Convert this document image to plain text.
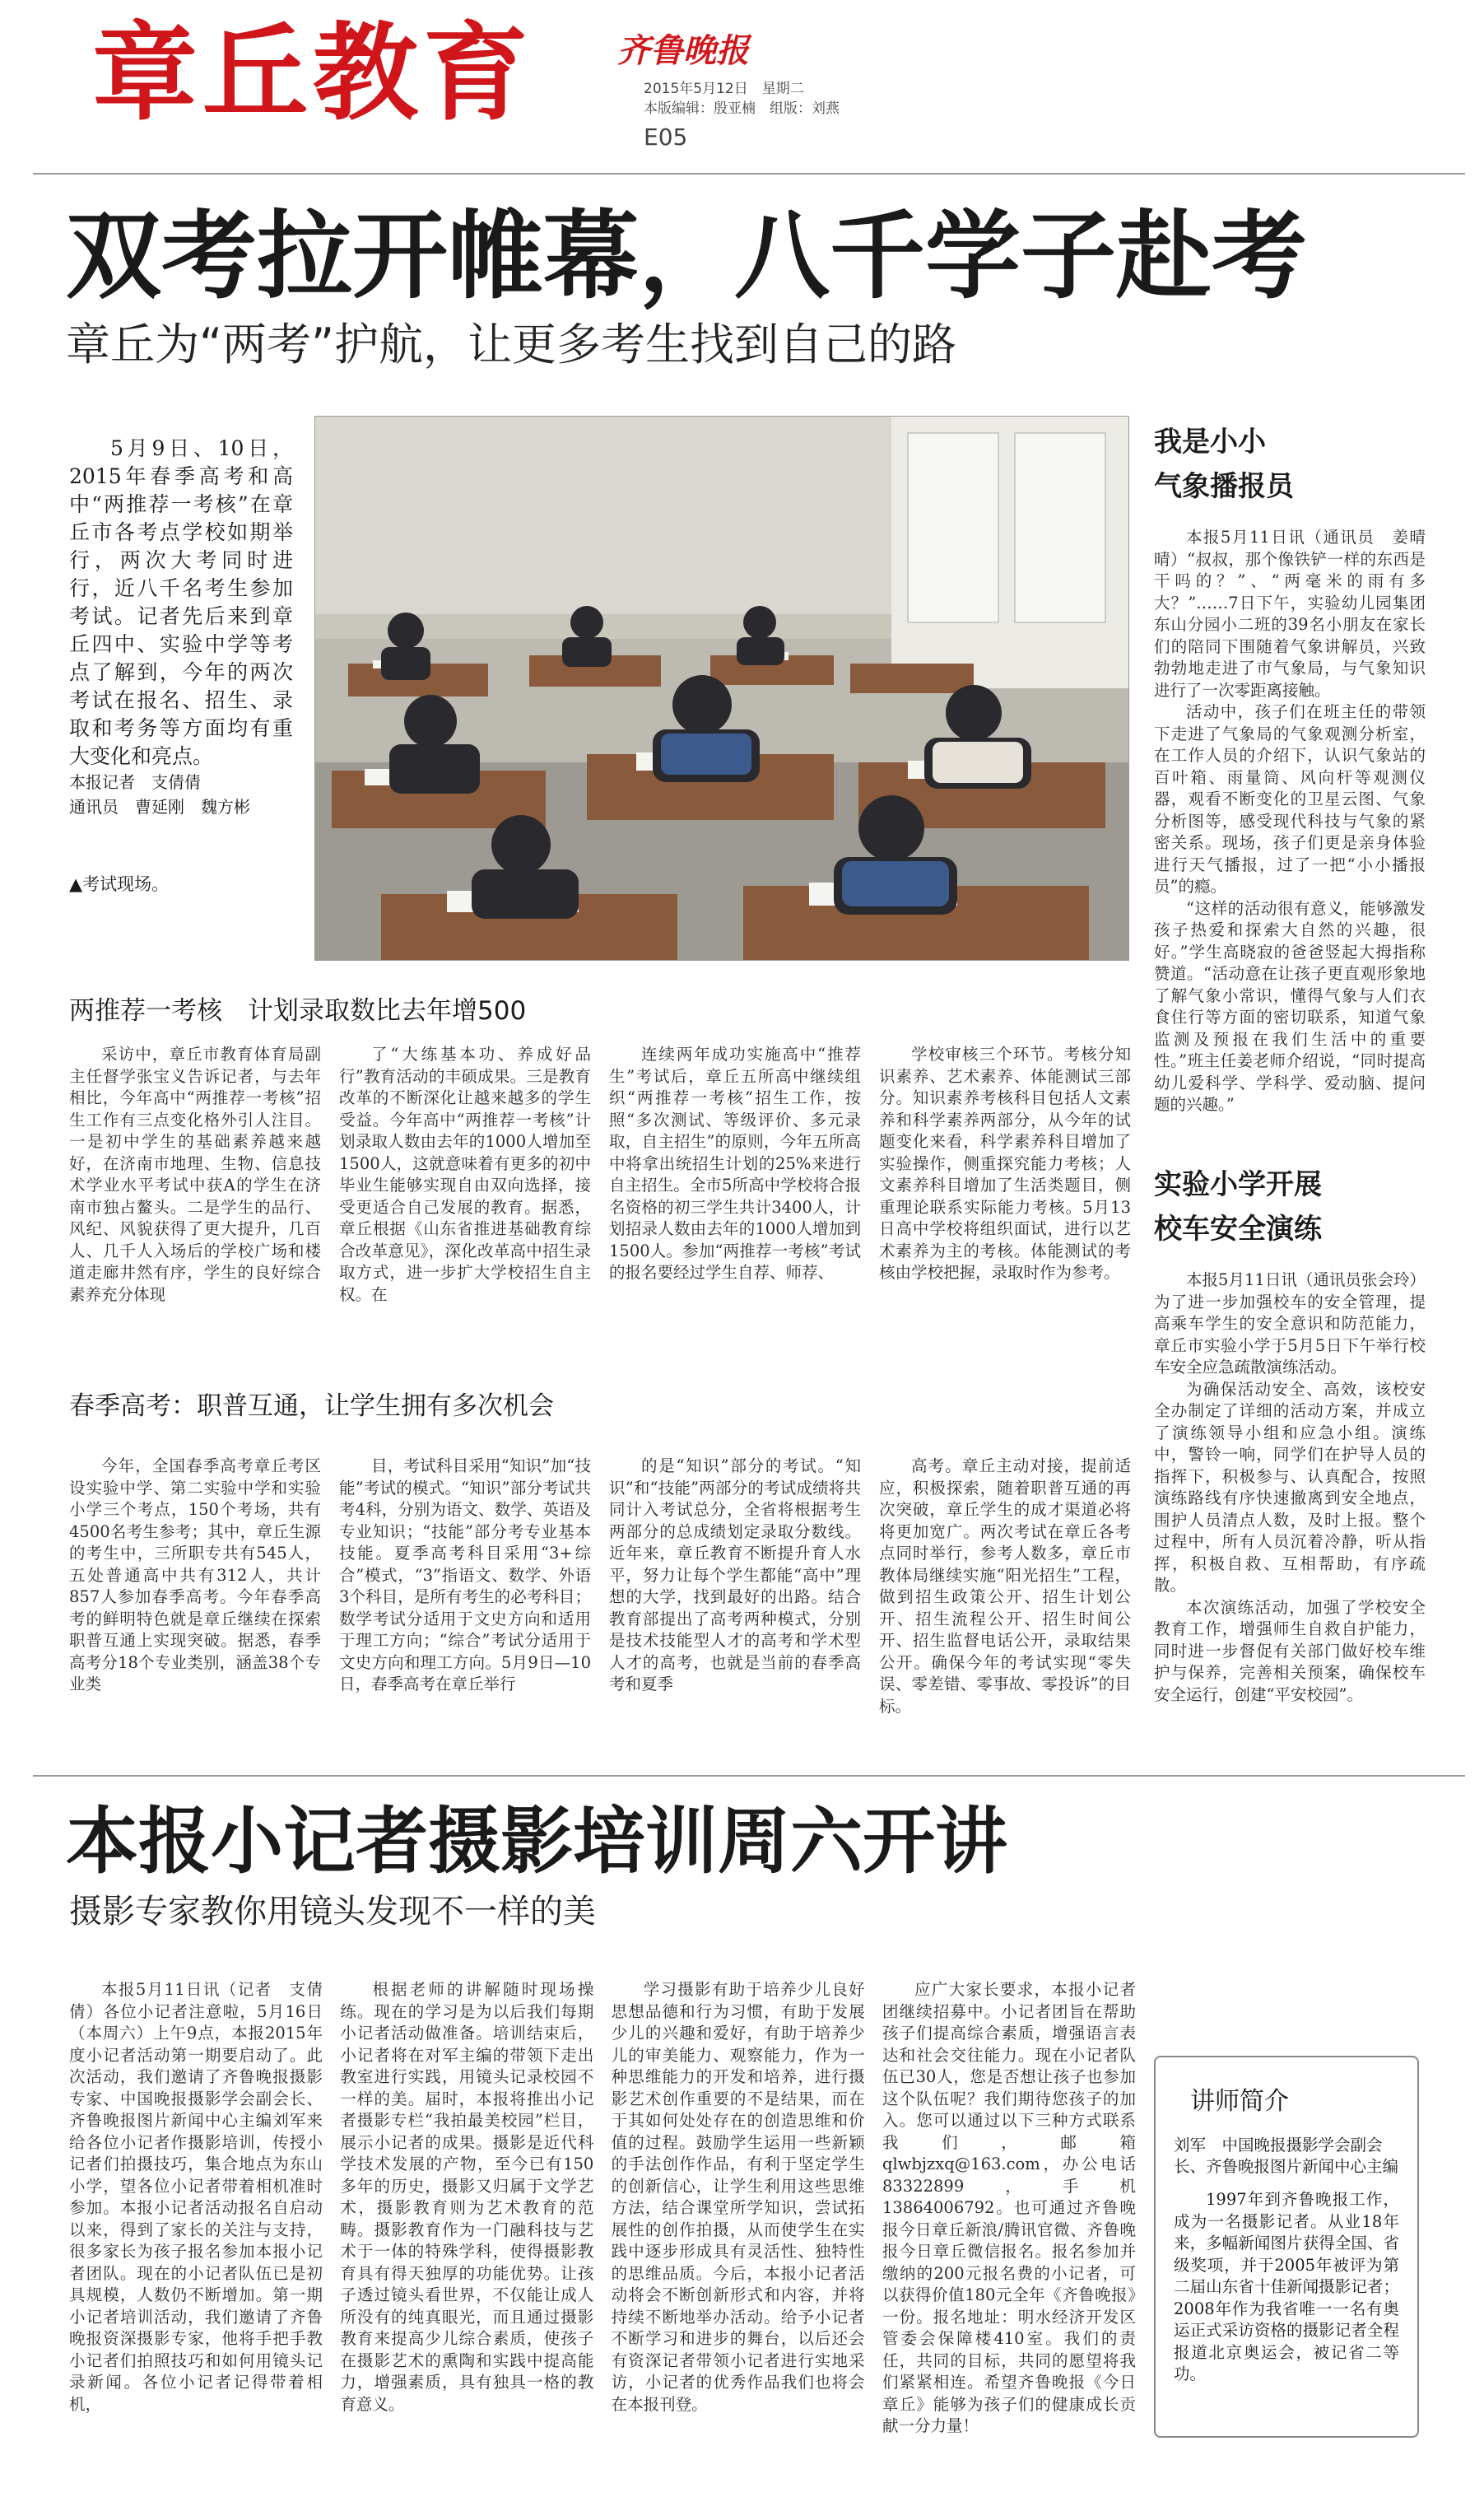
章丘教育	齐鲁晚报
2015年5月12日　星期二
本版编辑：殷亚楠　组版：刘燕
E05
双考拉开帷幕，八千学子赴考
章丘为“两考”护航，让更多考生找到自己的路
5月9日、10日，2015年春季高考和高中“两推荐一考核”在章丘市各考点学校如期举行，两次大考同时进行，近八千名考生参加考试。记者先后来到章丘四中、实验中学等考点了解到，今年的两次考试在报名、招生、录取和考务等方面均有重大变化和亮点。
本报记者　支倩倩
通讯员　曹延刚　魏方彬
▲考试现场。
两推荐一考核　计划录取数比去年增500

采访中，章丘市教育体育局副主任督学张宝义告诉记者，与去年相比，今年高中“两推荐一考核”招生工作有三点变化格外引人注目。一是初中学生的基础素养越来越好，在济南市地理、生物、信息技术学业水平考试中获A的学生在济南市独占鳌头。二是学生的品行、风纪、风貌获得了更大提升，几百人、几千人入场后的学校广场和楼道走廊井然有序，学生的良好综合素养充分体现

了“大练基本功、养成好品行”教育活动的丰硕成果。三是教育改革的不断深化让越来越多的学生受益。今年高中“两推荐一考核”计划录取人数由去年的1000人增加至1500人，这就意味着有更多的初中毕业生能够实现自由双向选择，接受更适合自己发展的教育。据悉，章丘根据《山东省推进基础教育综合改革意见》，深化改革高中招生录取方式，进一步扩大学校招生自主权。在

连续两年成功实施高中“推荐生”考试后，章丘五所高中继续组织“两推荐一考核”招生工作，按照“多次测试、等级评价、多元录取，自主招生”的原则，今年五所高中将拿出统招生计划的25%来进行自主招生。全市5所高中学校将合报名资格的初三学生共计3400人，计划招录人数由去年的1000人增加到1500人。参加“两推荐一考核”考试的报名要经过学生自荐、师荐、

学校审核三个环节。考核分知识素养、艺术素养、体能测试三部分。知识素养考核科目包括人文素养和科学素养两部分，从今年的试题变化来看，科学素养科目增加了实验操作，侧重探究能力考核；人文素养科目增加了生活类题目，侧重理论联系实际能力考核。5月13日高中学校将组织面试，进行以艺术素养为主的考核。体能测试的考核由学校把握，录取时作为参考。

春季高考：职普互通，让学生拥有多次机会

今年，全国春季高考章丘考区设实验中学、第二实验中学和实验小学三个考点，150个考场，共有4500名考生参考；其中，章丘生源的考生中，三所职专共有545人，五处普通高中共有312人，共计857人参加春季高考。今年春季高考的鲜明特色就是章丘继续在探索职普互通上实现突破。据悉，春季高考分18个专业类别，涵盖38个专业类

目，考试科目采用“知识”加“技能”考试的模式。“知识”部分考试共考4科，分别为语文、数学、英语及专业知识；“技能”部分考专业基本技能。夏季高考科目采用“3+综合”模式，“3”指语文、数学、外语3个科目，是所有考生的必考科目；数学考试分适用于文史方向和适用于理工方向；“综合”考试分适用于文史方向和理工方向。5月9日—10日，春季高考在章丘举行

的是“知识”部分的考试。“知识”和“技能”两部分的考试成绩将共同计入考试总分，全省将根据考生两部分的总成绩划定录取分数线。近年来，章丘教育不断提升育人水平，努力让每个学生都能“高中”理想的大学，找到最好的出路。结合教育部提出了高考两种模式，分别是技术技能型人才的高考和学术型人才的高考，也就是当前的春季高考和夏季

高考。章丘主动对接，提前适应，积极探索，随着职普互通的再次突破，章丘学生的成才渠道必将将更加宽广。两次考试在章丘各考点同时举行，参考人数多，章丘市教体局继续实施“阳光招生”工程，做到招生政策公开、招生计划公开、招生流程公开、招生时间公开、招生监督电话公开，录取结果公开。确保今年的考试实现“零失误、零差错、零事故、零投诉”的目标。

我是小小
气象播报员

本报5月11日讯（通讯员　姜晴晴）“叔叔，那个像铁铲一样的东西是干吗的？”、“两毫米的雨有多大？”……7日下午，实验幼儿园集团东山分园小二班的39名小朋友在家长们的陪同下围随着气象讲解员，兴致勃勃地走进了市气象局，与气象知识进行了一次零距离接触。

活动中，孩子们在班主任的带领下走进了气象局的气象观测分析室，在工作人员的介绍下，认识气象站的百叶箱、雨量筒、风向杆等观测仪器，观看不断变化的卫星云图、气象分析图等，感受现代科技与气象的紧密关系。现场，孩子们更是亲身体验进行天气播报，过了一把“小小播报员”的瘾。

“这样的活动很有意义，能够激发孩子热爱和探索大自然的兴趣，很好。”学生高晓寂的爸爸竖起大拇指称赞道。“活动意在让孩子更直观形象地了解气象小常识，懂得气象与人们衣食住行等方面的密切联系，知道气象监测及预报在我们生活中的重要性。”班主任姜老师介绍说，“同时提高幼儿爱科学、学科学、爱动脑、提问题的兴趣。”

实验小学开展
校车安全演练

本报5月11日讯（通讯员张会玲）为了进一步加强校车的安全管理，提高乘车学生的安全意识和防范能力，章丘市实验小学于5月5日下午举行校车安全应急疏散演练活动。

为确保活动安全、高效，该校安全办制定了详细的活动方案，并成立了演练领导小组和应急小组。演练中，警铃一响，同学们在护导人员的指挥下，积极参与、认真配合，按照演练路线有序快速撤离到安全地点，围护人员清点人数，及时上报。整个过程中，所有人员沉着冷静，听从指挥，积极自救、互相帮助，有序疏散。

本次演练活动，加强了学校安全教育工作，增强师生自救自护能力，同时进一步督促有关部门做好校车维护与保养，完善相关预案，确保校车安全运行，创建“平安校园”。

本报小记者摄影培训周六开讲
摄影专家教你用镜头发现不一样的美

本报5月11日讯（记者　支倩倩）各位小记者注意啦，5月16日（本周六）上午9点，本报2015年度小记者活动第一期要启动了。此次活动，我们邀请了齐鲁晚报摄影专家、中国晚报摄影学会副会长、齐鲁晚报图片新闻中心主编刘军来给各位小记者作摄影培训，传授小记者们拍摄技巧，集合地点为东山小学，望各位小记者带着相机准时参加。本报小记者活动报名自启动以来，得到了家长的关注与支持，很多家长为孩子报名参加本报小记者团队。现在的小记者队伍已是初具规模，人数仍不断增加。第一期小记者培训活动，我们邀请了齐鲁晚报资深摄影专家，他将手把手教小记者们拍照技巧和如何用镜头记录新闻。各位小记者记得带着相机，

根据老师的讲解随时现场操练。现在的学习是为以后我们每期小记者活动做准备。培训结束后，小记者将在对军主编的带领下走出教室进行实践，用镜头记录校园不一样的美。届时，本报将推出小记者摄影专栏“我拍最美校园”栏目，展示小记者的成果。摄影是近代科学技术发展的产物，至今已有150多年的历史，摄影又归属于文学艺术，摄影教育则为艺术教育的范畴。摄影教育作为一门融科技与艺术于一体的特殊学科，使得摄影教育具有得天独厚的功能优势。让孩子透过镜头看世界，不仅能让成人所没有的纯真眼光，而且通过摄影教育来提高少儿综合素质，使孩子在摄影艺术的熏陶和实践中提高能力，增强素质，具有独具一格的教育意义。

学习摄影有助于培养少儿良好思想品德和行为习惯，有助于发展少儿的兴趣和爱好，有助于培养少儿的审美能力、观察能力，作为一种思维能力的开发和培养，进行摄影艺术创作重要的不是结果，而在于其如何处处存在的创造思维和价值的过程。鼓励学生运用一些新颖的手法创作作品，有利于坚定学生的创新信心，让学生利用这些思维方法，结合课堂所学知识，尝试拓展性的创作拍摄，从而使学生在实践中逐步形成具有灵活性、独特性的思维品质。今后，本报小记者活动将会不断创新形式和内容，并将持续不断地举办活动。给予小记者不断学习和进步的舞台，以后还会有资深记者带领小记者进行实地采访，小记者的优秀作品我们也将会在本报刊登。

应广大家长要求，本报小记者团继续招募中。小记者团旨在帮助孩子们提高综合素质，增强语言表达和社会交往能力。现在小记者队伍已30人，您是否想让孩子也参加这个队伍呢？我们期待您孩子的加入。您可以通过以下三种方式联系我们，邮箱qlwbjzxq@163.com，办公电话83322899，手机13864006792。也可通过齐鲁晚报今日章丘新浪/腾讯官微、齐鲁晚报今日章丘微信报名。报名参加并缴纳的200元报名费的小记者，可以获得价值180元全年《齐鲁晚报》一份。报名地址：明水经济开发区管委会保障楼410室。我们的责任，共同的目标，共同的愿望将我们紧紧相连。希望齐鲁晚报《今日章丘》能够为孩子们的健康成长贡献一分力量！

讲师简介
刘军　中国晚报摄影学会副会长、齐鲁晚报图片新闻中心主编

1997年到齐鲁晚报工作，成为一名摄影记者。从业18年来，多幅新闻图片获得全国、省级奖项，并于2005年被评为第二届山东省十佳新闻摄影记者；2008年作为我省唯一一名有奥运正式采访资格的摄影记者全程报道北京奥运会，被记省二等功。
